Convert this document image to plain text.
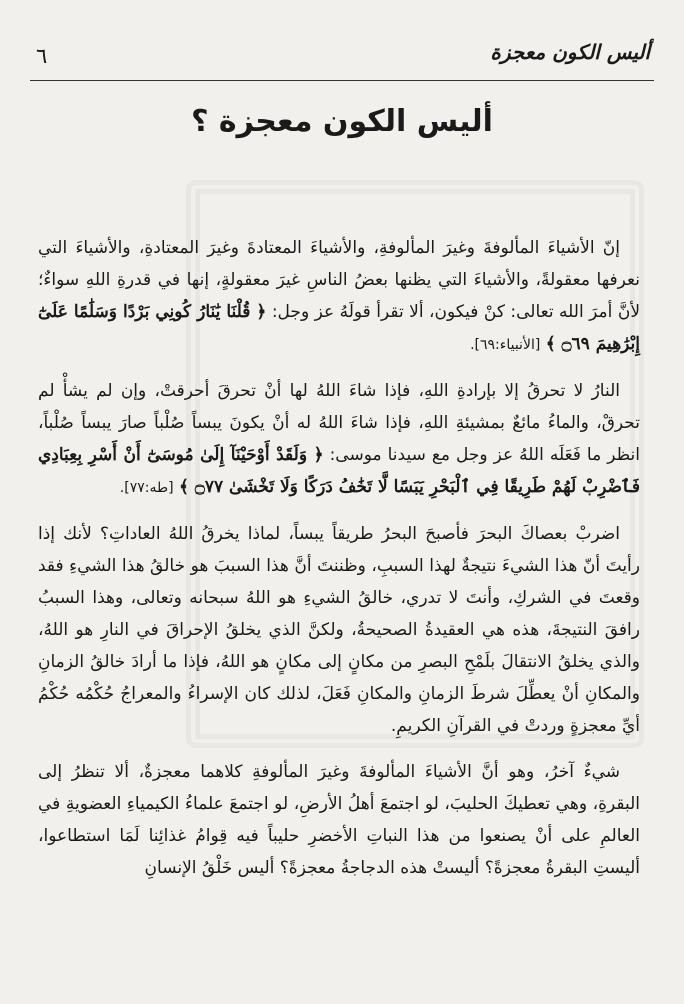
٦	أليس الكون معجزة
أليس الكون معجزة ؟

إنّ الأشياءَ المألوفةَ وغيرَ المألوفةِ، والأشياءَ المعتادةَ وغيرَ المعتادةِ، والأشياءَ التي نعرفها معقولةً، والأشياءَ التي يظنها بعضُ الناسِ غيرَ معقولةٍ، إنها في قدرةِ اللهِ سواءٌ؛ لأنَّ أمرَ الله تعالى: كنْ فيكون، ألا تقرأ قولَهُ عز وجل: ﴿ قُلْنَا يَٰنَارُ كُونِي بَرْدًا وَسَلَٰمًا عَلَىٰٓ إِبْرَٰهِيمَ ۝٦٩ ﴾ [الأنبياء:٦٩].

النارُ لا تحرقُ إلا بإرادةِ اللهِ، فإذا شاءَ اللهُ لها أنْ تحرقَ أحرقتْ، وإن لم يشأْ لم تحرقْ، والماءُ مائعٌ بمشيئةِ اللهِ، فإذا شاءَ اللهُ له أنْ يكونَ يبساً صُلْباً صارَ يبساً صُلْباً، انظر ما فَعَلَه اللهُ عز وجل مع سيدنا موسى: ﴿ وَلَقَدْ أَوْحَيْنَآ إِلَىٰ مُوسَىٰٓ أَنْ أَسْرِ بِعِبَادِي فَٱضْرِبْ لَهُمْ طَرِيقًا فِي ٱلْبَحْرِ يَبَسًا لَّا تَخَٰفُ دَرَكًا وَلَا تَخْشَىٰ ۝٧٧ ﴾ [طه:٧٧].

اضربْ بعصاكَ البحرَ فأصبحَ البحرُ طريقاً يبساً، لماذا يخرقُ اللهُ العاداتِ؟ لأنك إذا رأيتَ أنّ هذا الشيءَ نتيجةٌ لهذا السببِ، وظننتَ أنَّ هذا السببَ هو خالقُ هذا الشيءِ فقد وقعتَ في الشركِ، وأنتَ لا تدري، خالقُ الشيءِ هو اللهُ سبحانه وتعالى، وهذا السببُ رافقَ النتيجةَ، هذه هي العقيدةُ الصحيحةُ، ولكنَّ الذي يخلقُ الإحراقَ في النارِ هو اللهُ، والذي يخلقُ الانتقالَ بلَمْحِ البصرِ من مكانٍ إلى مكانٍ هو اللهُ، فإذا ما أرادَ خالقُ الزمانِ والمكانِ أنْ يعطِّلَ شرطَ الزمانِ والمكانِ فَعَلَ، لذلك كان الإسراءُ والمعراجُ حُكْمُه حُكْمُ أيِّ معجزةٍ وردتْ في القرآنِ الكريمِ.

شيءٌ آخرُ، وهو أنَّ الأشياءَ المألوفةَ وغيرَ المألوفةِ كلاهما معجزةٌ، ألا تنظرُ إلى البقرةِ، وهي تعطيكَ الحليبَ، لو اجتمعَ أهلُ الأرضِ، لو اجتمعَ علماءُ الكيمياءِ العضويةِ في العالمِ على أنْ يصنعوا من هذا النباتِ الأخضرِ حليباً فيه قِوامُ غذائِنا لَمَا استطاعوا، أليستِ البقرةُ معجزةً؟ أليستْ هذه الدجاجةُ معجزةً؟ أليس خَلْقُ الإنسانِ
